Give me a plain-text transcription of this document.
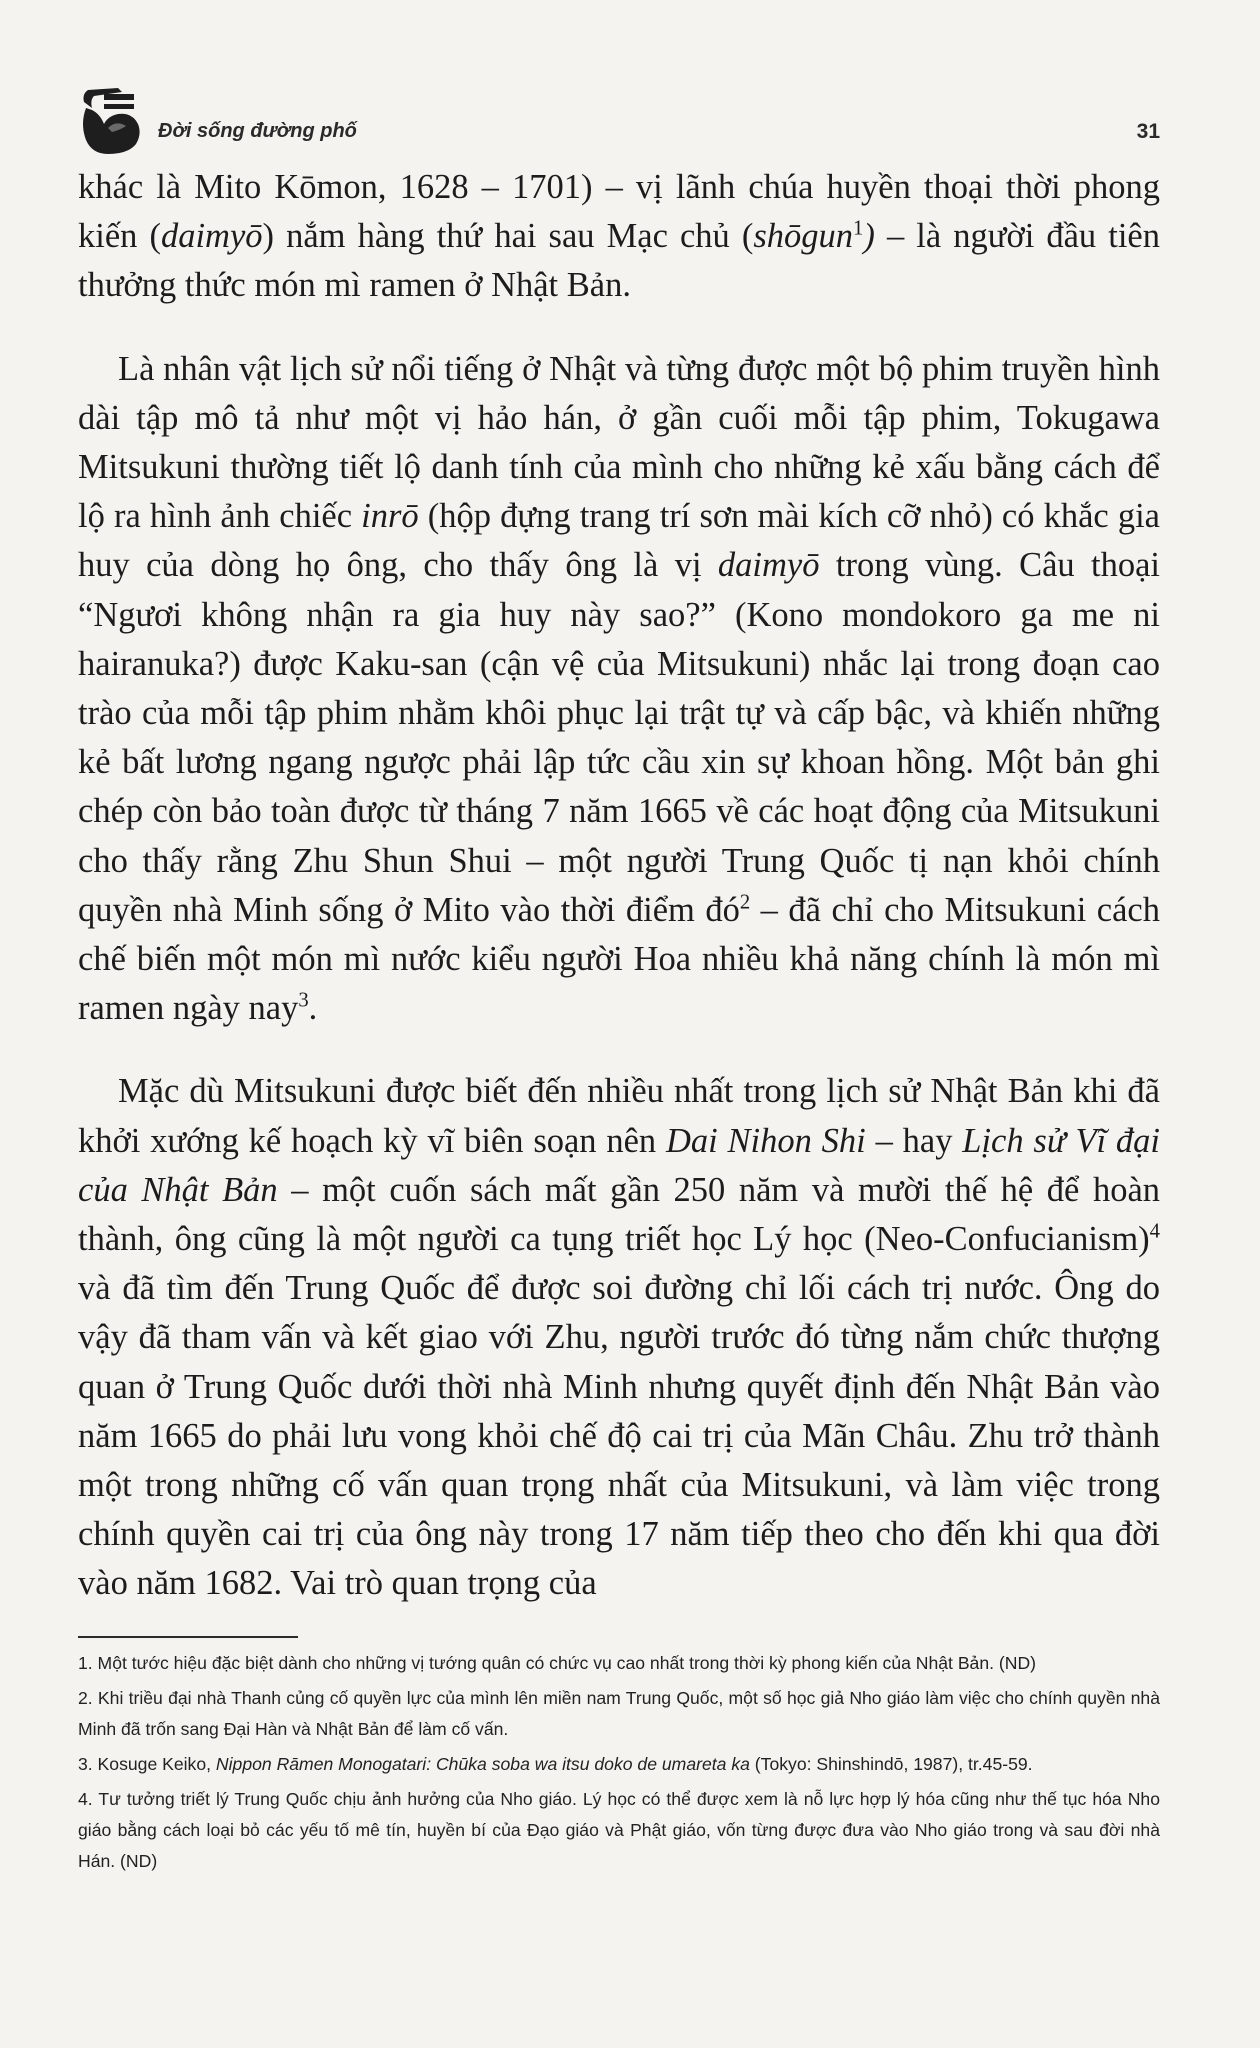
Đời sống đường phố	31

khác là Mito Kōmon, 1628 – 1701) – vị lãnh chúa huyền thoại thời phong kiến (daimyō) nắm hàng thứ hai sau Mạc chủ (shōgun$^1$) – là người đầu tiên thưởng thức món mì ramen ở Nhật Bản.

Là nhân vật lịch sử nổi tiếng ở Nhật và từng được một bộ phim truyền hình dài tập mô tả như một vị hảo hán, ở gần cuối mỗi tập phim, Tokugawa Mitsukuni thường tiết lộ danh tính của mình cho những kẻ xấu bằng cách để lộ ra hình ảnh chiếc inrō (hộp đựng trang trí sơn mài kích cỡ nhỏ) có khắc gia huy của dòng họ ông, cho thấy ông là vị daimyō trong vùng. Câu thoại “Ngươi không nhận ra gia huy này sao?” (Kono mondokoro ga me ni hairanuka?) được Kaku-san (cận vệ của Mitsukuni) nhắc lại trong đoạn cao trào của mỗi tập phim nhằm khôi phục lại trật tự và cấp bậc, và khiến những kẻ bất lương ngang ngược phải lập tức cầu xin sự khoan hồng. Một bản ghi chép còn bảo toàn được từ tháng 7 năm 1665 về các hoạt động của Mitsukuni cho thấy rằng Zhu Shun Shui – một người Trung Quốc tị nạn khỏi chính quyền nhà Minh sống ở Mito vào thời điểm $đó^2$ – đã chỉ cho Mitsukuni cách chế biến một món mì nước kiểu người Hoa nhiều khả năng chính là món mì ramen ngày nay$^3$.

Mặc dù Mitsukuni được biết đến nhiều nhất trong lịch sử Nhật Bản khi đã khởi xướng kế hoạch kỳ vĩ biên soạn nên Dai Nihon Shi – hay Lịch sử Vĩ đại của Nhật Bản – một cuốn sách mất gần 250 năm và mười thế hệ để hoàn thành, ông cũng là một người ca tụng triết học Lý học (Neo-Confucianism)$^4$ và đã tìm đến Trung Quốc để được soi đường chỉ lối cách trị nước. Ông do vậy đã tham vấn và kết giao với Zhu, người trước đó từng nắm chức thượng quan ở Trung Quốc dưới thời nhà Minh nhưng quyết định đến Nhật Bản vào năm 1665 do phải lưu vong khỏi chế độ cai trị của Mãn Châu. Zhu trở thành một trong những cố vấn quan trọng nhất của Mitsukuni, và làm việc trong chính quyền cai trị của ông này trong 17 năm tiếp theo cho đến khi qua đời vào năm 1682. Vai trò quan trọng của

1. Một tước hiệu đặc biệt dành cho những vị tướng quân có chức vụ cao nhất trong thời kỳ phong kiến của Nhật Bản. (ND)

2. Khi triều đại nhà Thanh củng cố quyền lực của mình lên miền nam Trung Quốc, một số học giả Nho giáo làm việc cho chính quyền nhà Minh đã trốn sang Đại Hàn và Nhật Bản để làm cố vấn.

3. Kosuge Keiko, Nippon Rāmen Monogatari: Chūka soba wa itsu doko de umareta ka (Tokyo: Shinshindō, 1987), tr.45-59.

4. Tư tưởng triết lý Trung Quốc chịu ảnh hưởng của Nho giáo. Lý học có thể được xem là nỗ lực hợp lý hóa cũng như thế tục hóa Nho giáo bằng cách loại bỏ các yếu tố mê tín, huyền bí của Đạo giáo và Phật giáo, vốn từng được đưa vào Nho giáo trong và sau đời nhà Hán. (ND)
